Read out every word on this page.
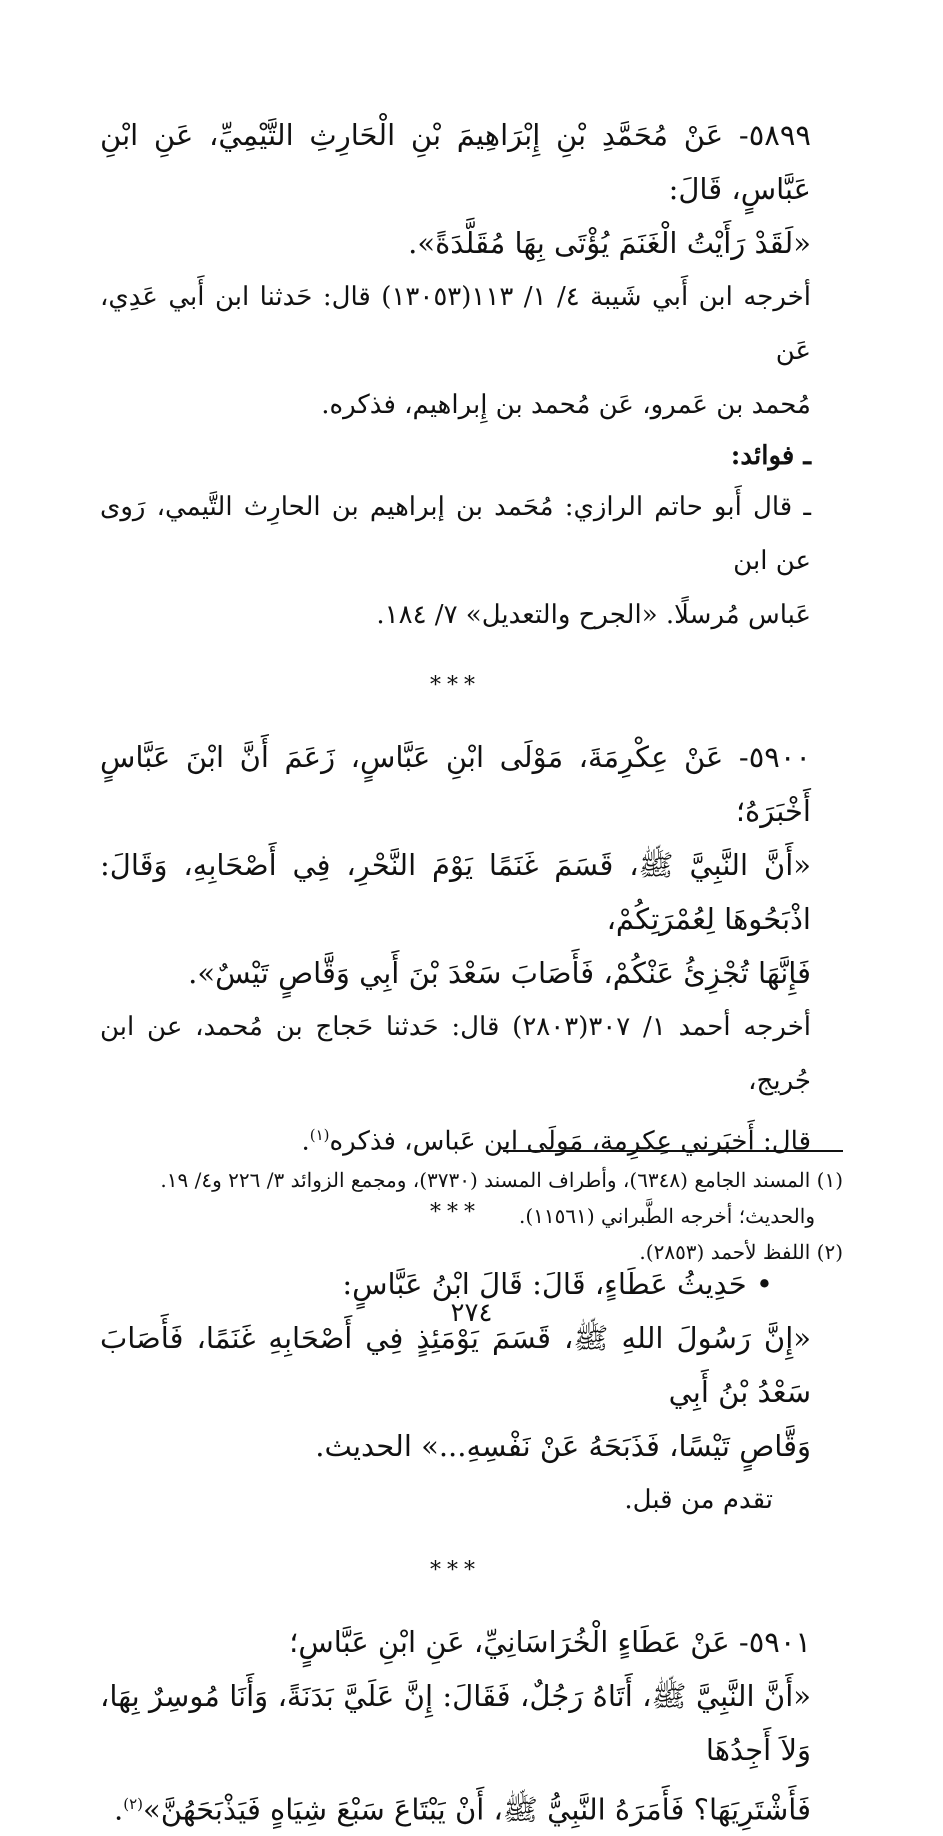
٥٨٩٩- عَنْ مُحَمَّدِ بْنِ إِبْرَاهِيمَ بْنِ الْحَارِثِ التَّيْمِيِّ، عَنِ ابْنِ عَبَّاسٍ، قَالَ:

«لَقَدْ رَأَيْتُ الْغَنَمَ يُؤْتَى بِهَا مُقَلَّدَةً».

أخرجه ابن أَبي شَيبة ٤/ ١/ ١١٣(١٣٠٥٣) قال: حَدثنا ابن أَبي عَدِي، عَن

مُحمد بن عَمرو، عَن مُحمد بن إِبراهيم، فذكره.

ـ فوائد:

ـ قال أَبو حاتم الرازي: مُحَمد بن إبراهيم بن الحارِث التَّيمي، رَوى عن ابن

عَباس مُرسلًا. «الجرح والتعديل» ٧/ ١٨٤.

***

٥٩٠٠- عَنْ عِكْرِمَةَ، مَوْلَى ابْنِ عَبَّاسٍ، زَعَمَ أَنَّ ابْنَ عَبَّاسٍ أَخْبَرَهُ؛

«أَنَّ النَّبِيَّ ﷺ، قَسَمَ غَنَمًا يَوْمَ النَّحْرِ، فِي أَصْحَابِهِ، وَقَالَ: اذْبَحُوهَا لِعُمْرَتِكُمْ،

فَإِنَّهَا تُجْزِئُ عَنْكُمْ، فَأَصَابَ سَعْدَ بْنَ أَبِي وَقَّاصٍ تَيْسٌ».

أخرجه أحمد ١/ ٣٠٧(٢٨٠٣) قال: حَدثنا حَجاج بن مُحمد، عن ابن جُريج،

قال: أَخبَرني عِكرِمة، مَولَى ابن عَباس، فذكره$^{(١)}$.

***

• حَدِيثُ عَطَاءٍ، قَالَ: قَالَ ابْنُ عَبَّاسٍ:

«إِنَّ رَسُولَ اللهِ ﷺ، قَسَمَ يَوْمَئِذٍ فِي أَصْحَابِهِ غَنَمًا، فَأَصَابَ سَعْدُ بْنُ أَبِي

وَقَّاصٍ تَيْسًا، فَذَبَحَهُ عَنْ نَفْسِهِ...» الحديث.

تقدم من قبل.

***

٥٩٠١- عَنْ عَطَاءٍ الْخُرَاسَانِيِّ، عَنِ ابْنِ عَبَّاسٍ؛

«أَنَّ النَّبِيَّ ﷺ، أَتَاهُ رَجُلٌ، فَقَالَ: إِنَّ عَلَيَّ بَدَنَةً، وَأَنَا مُوسِرٌ بِهَا، وَلاَ أَجِدُهَا

فَأَشْتَرِيَهَا؟ فَأَمَرَهُ النَّبِيُّ ﷺ، أَنْ يَبْتَاعَ سَبْعَ شِيَاهٍ فَيَذْبَحَهُنَّ»$^{(٢)}$.

(١) المسند الجامع (٦٣٤٨)، وأطراف المسند (٣٧٣٠)، ومجمع الزوائد ٣/ ٢٢٦ و٤/ ١٩.

والحديث؛ أخرجه الطَّبراني (١١٥٦١).

(٢) اللفظ لأحمد (٢٨٥٣).

٢٧٤
